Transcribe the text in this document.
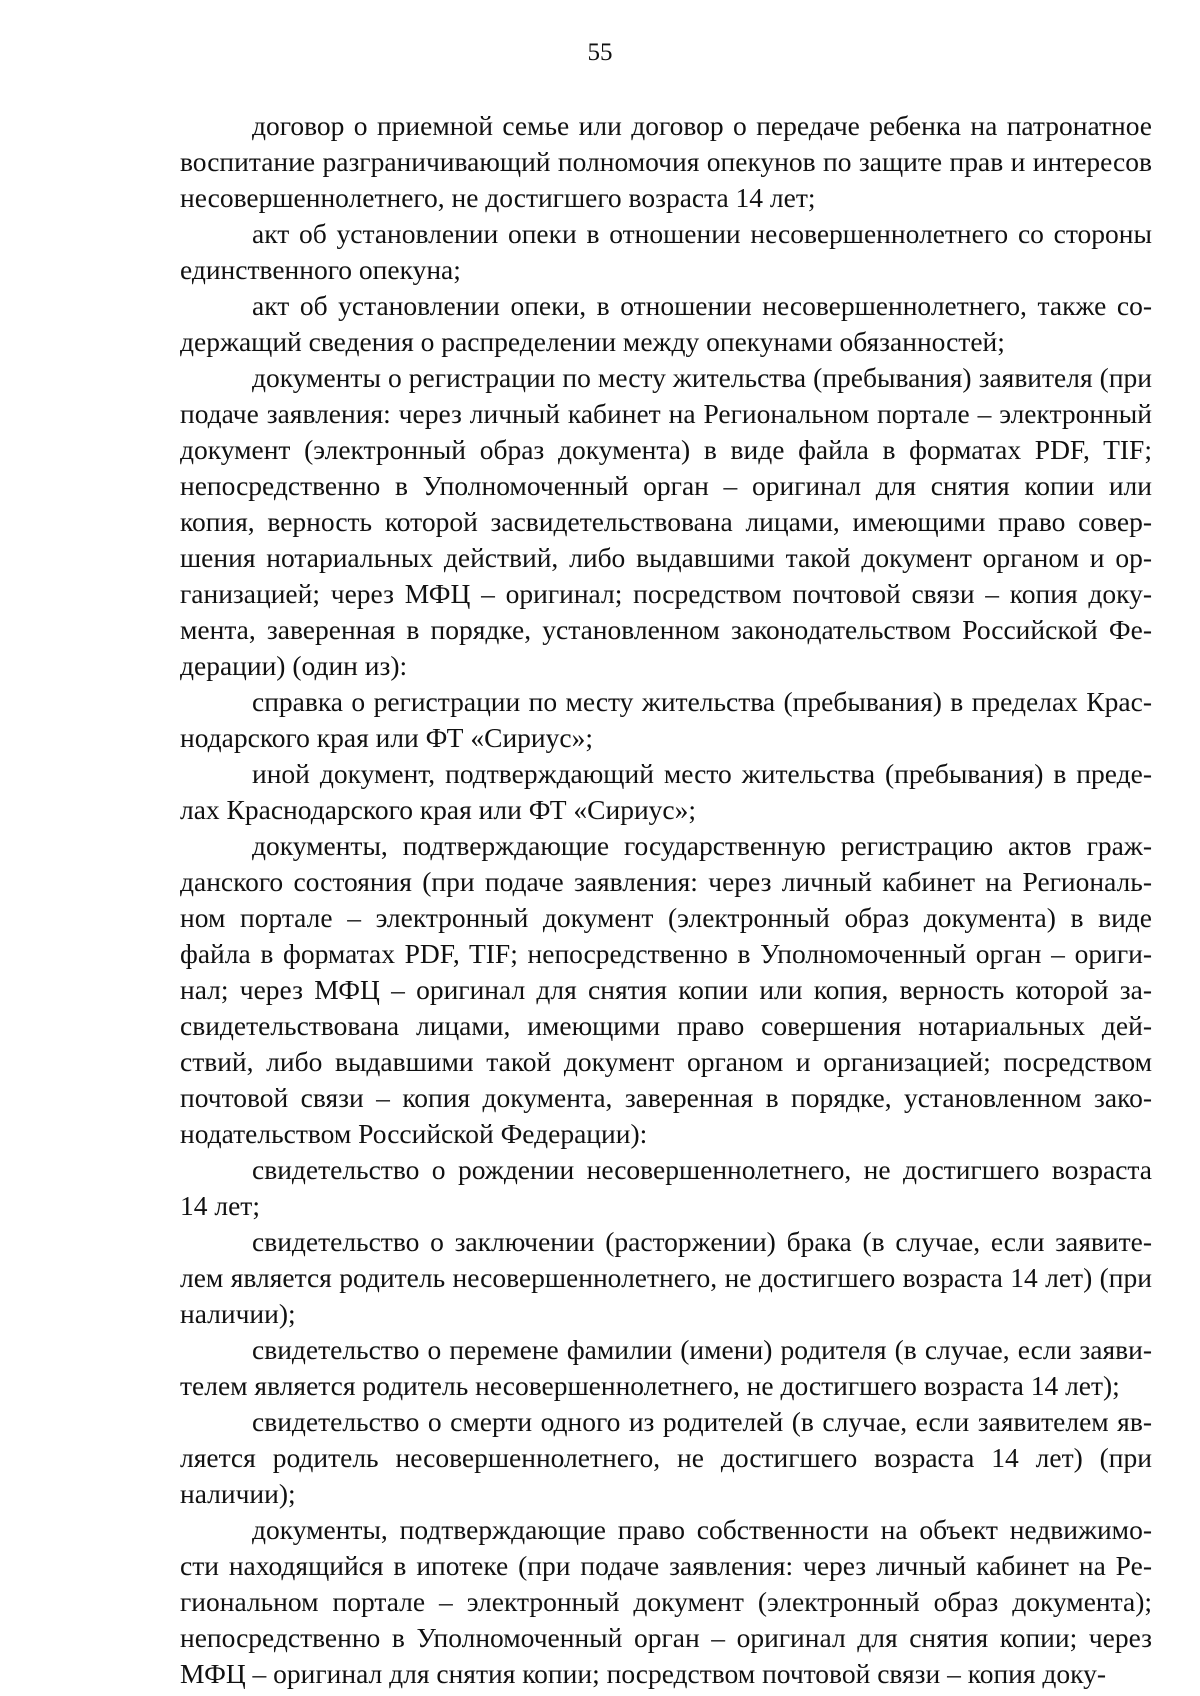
55

договор о приемной семье или договор о передаче ребенка на патронатное воспитание разграничивающий полномочия опекунов по защите прав и интересов несовершеннолетнего, не достигшего возраста 14 лет;

акт об установлении опеки в отношении несовершеннолетнего со стороны единственного опекуна;

акт об установлении опеки, в отношении несовершеннолетнего, также содержащий сведения о распределении между опекунами обязанностей;

документы о регистрации по месту жительства (пребывания) заявителя (при подаче заявления: через личный кабинет на Региональном портале – электронный документ (электронный образ документа) в виде файла в форматах PDF, TIF; непосредственно в Уполномоченный орган – оригинал для снятия копии или копия, верность которой засвидетельствована лицами, имеющими право совершения нотариальных действий, либо выдавшими такой документ органом и организацией; через МФЦ – оригинал; посредством почтовой связи – копия документа, заверенная в порядке, установленном законодательством Российской Федерации) (один из):

справка о регистрации по месту жительства (пребывания) в пределах Краснодарского края или ФТ «Сириус»;

иной документ, подтверждающий место жительства (пребывания) в пределах Краснодарского края или ФТ «Сириус»;

документы, подтверждающие государственную регистрацию актов гражданского состояния (при подаче заявления: через личный кабинет на Региональном портале – электронный документ (электронный образ документа) в виде файла в форматах PDF, TIF; непосредственно в Уполномоченный орган – оригинал; через МФЦ – оригинал для снятия копии или копия, верность которой засвидетельствована лицами, имеющими право совершения нотариальных действий, либо выдавшими такой документ органом и организацией; посредством почтовой связи – копия документа, заверенная в порядке, установленном законодательством Российской Федерации):

свидетельство о рождении несовершеннолетнего, не достигшего возраста 14 лет;

свидетельство о заключении (расторжении) брака (в случае, если заявителем является родитель несовершеннолетнего, не достигшего возраста 14 лет) (при наличии);

свидетельство о перемене фамилии (имени) родителя (в случае, если заявителем является родитель несовершеннолетнего, не достигшего возраста 14 лет);

свидетельство о смерти одного из родителей (в случае, если заявителем является родитель несовершеннолетнего, не достигшего возраста 14 лет) (при наличии);

документы, подтверждающие право собственности на объект недвижимости находящийся в ипотеке (при подаче заявления: через личный кабинет на Региональном портале – электронный документ (электронный образ документа); непосредственно в Уполномоченный орган – оригинал для снятия копии; через МФЦ – оригинал для снятия копии; посредством почтовой связи – копия доку-
